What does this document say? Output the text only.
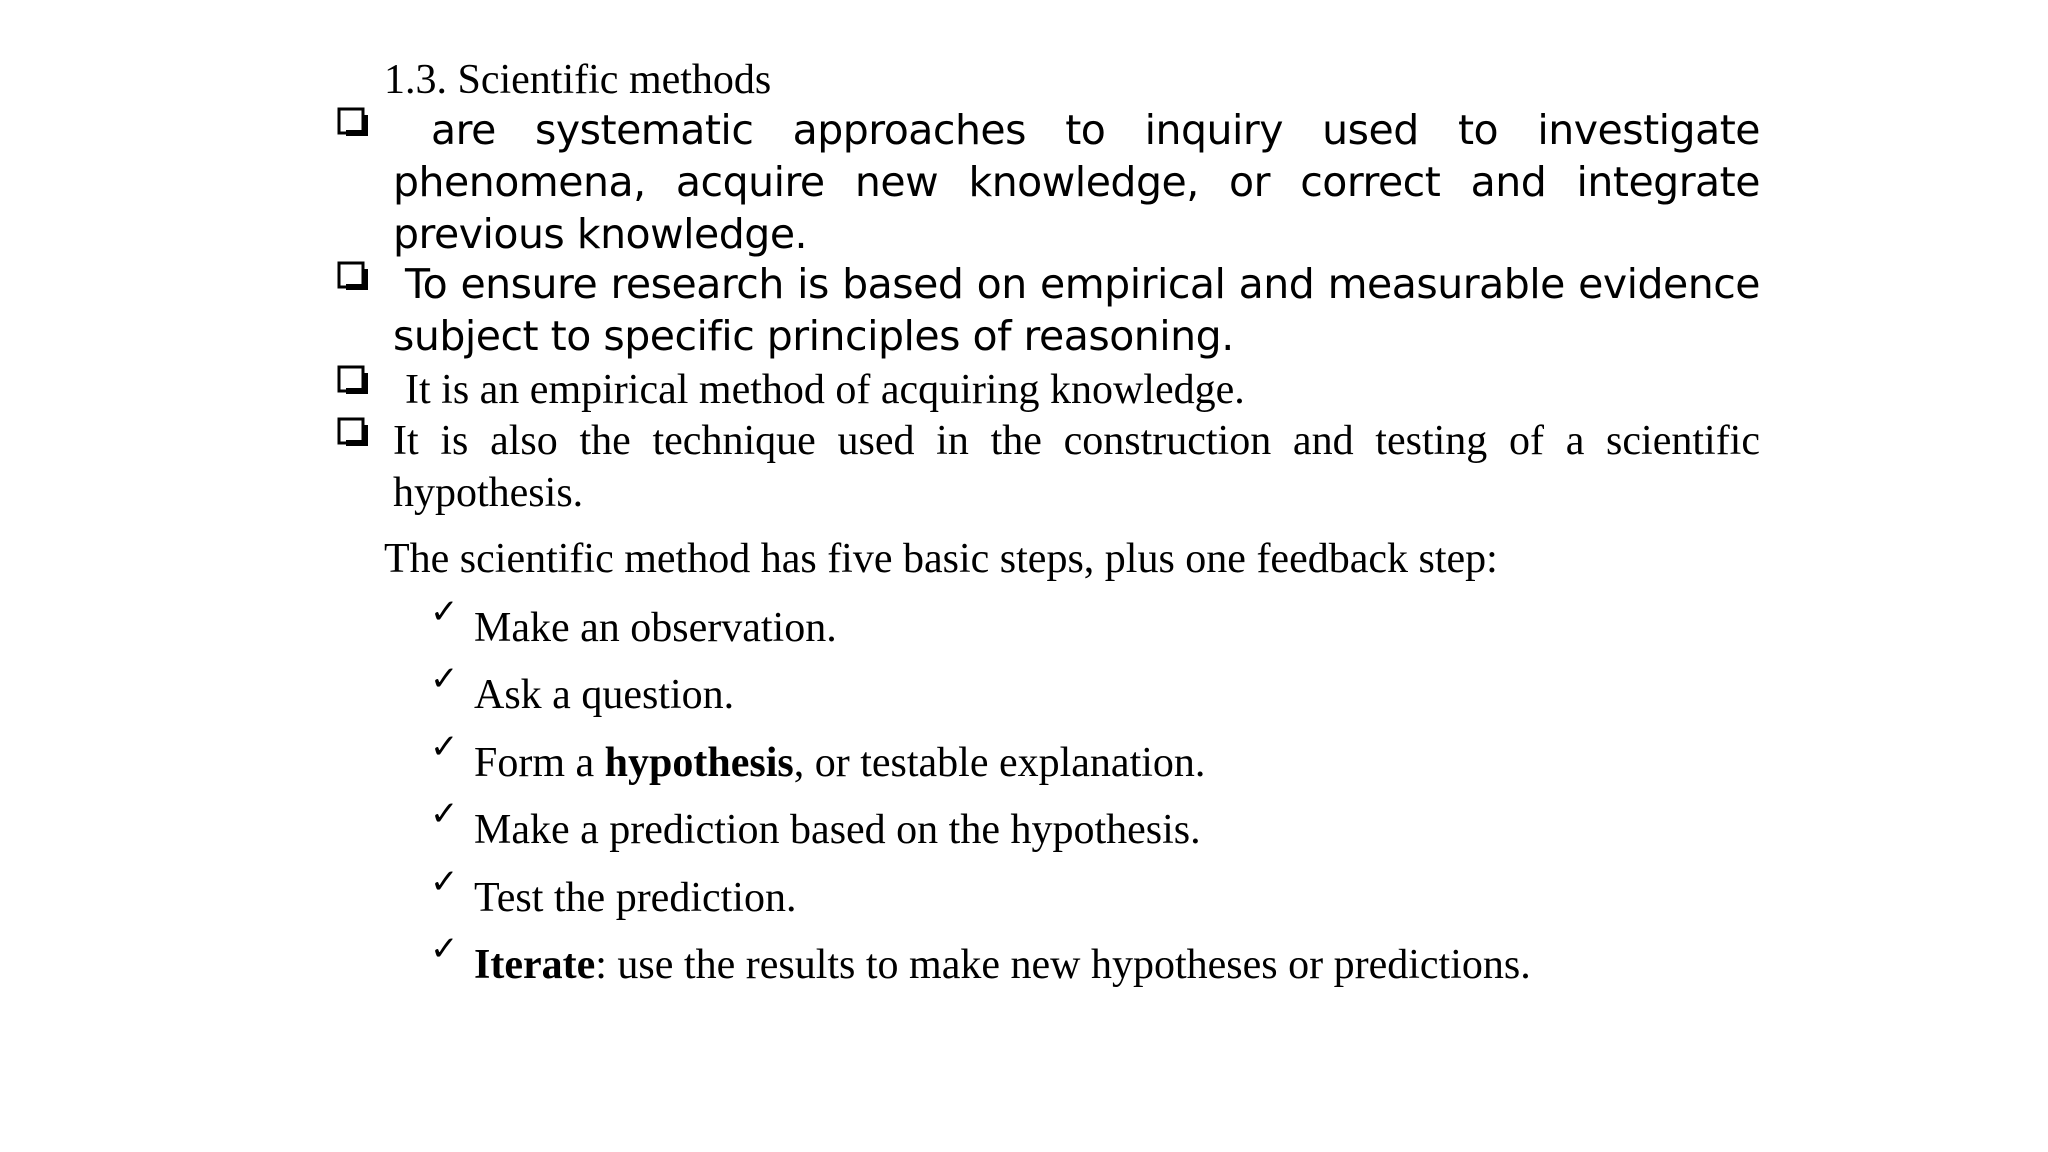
1.3. Scientific methods
are systematic approaches to inquiry used to investigate
phenomena, acquire new knowledge, or correct and integrate
previous knowledge.
To ensure research is based on empirical and measurable evidence
subject to specific principles of reasoning.
It is an empirical method of acquiring knowledge.
It is also the technique used in the construction and testing of a scientific
hypothesis.
The scientific method has five basic steps, plus one feedback step:
✓ Make an observation.
✓ Ask a question.
✓ Form a hypothesis, or testable explanation.
✓ Make a prediction based on the hypothesis.
✓ Test the prediction.
✓ Iterate: use the results to make new hypotheses or predictions.
